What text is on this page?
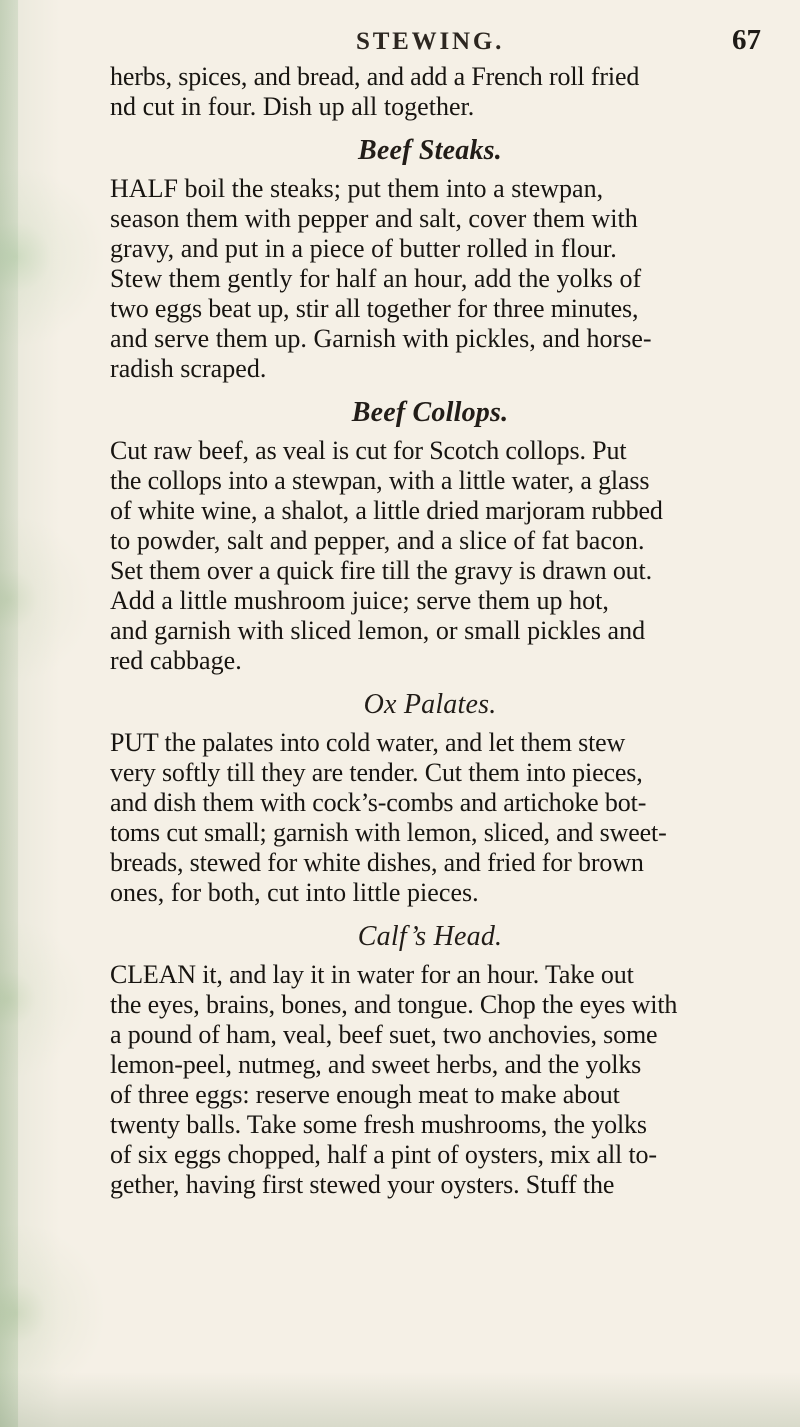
STEWING.	67
herbs, spices, and bread, and add a French roll fried
nd cut in four. Dish up all together.
Beef Steaks.
HALF boil the steaks; put them into a stewpan,
season them with pepper and salt, cover them with
gravy, and put in a piece of butter rolled in flour.
Stew them gently for half an hour, add the yolks of
two eggs beat up, stir all together for three minutes,
and serve them up. Garnish with pickles, and horse-
radish scraped.
Beef Collops.
Cut raw beef, as veal is cut for Scotch collops. Put
the collops into a stewpan, with a little water, a glass
of white wine, a shalot, a little dried marjoram rubbed
to powder, salt and pepper, and a slice of fat bacon.
Set them over a quick fire till the gravy is drawn out.
Add a little mushroom juice; serve them up hot,
and garnish with sliced lemon, or small pickles and
red cabbage.
Ox Palates.
PUT the palates into cold water, and let them stew
very softly till they are tender. Cut them into pieces,
and dish them with cock’s-combs and artichoke bot-
toms cut small; garnish with lemon, sliced, and sweet-
breads, stewed for white dishes, and fried for brown
ones, for both, cut into little pieces.
Calf’s Head.
CLEAN it, and lay it in water for an hour. Take out
the eyes, brains, bones, and tongue. Chop the eyes with
a pound of ham, veal, beef suet, two anchovies, some
lemon-peel, nutmeg, and sweet herbs, and the yolks
of three eggs: reserve enough meat to make about
twenty balls. Take some fresh mushrooms, the yolks
of six eggs chopped, half a pint of oysters, mix all to-
gether, having first stewed your oysters. Stuff the
